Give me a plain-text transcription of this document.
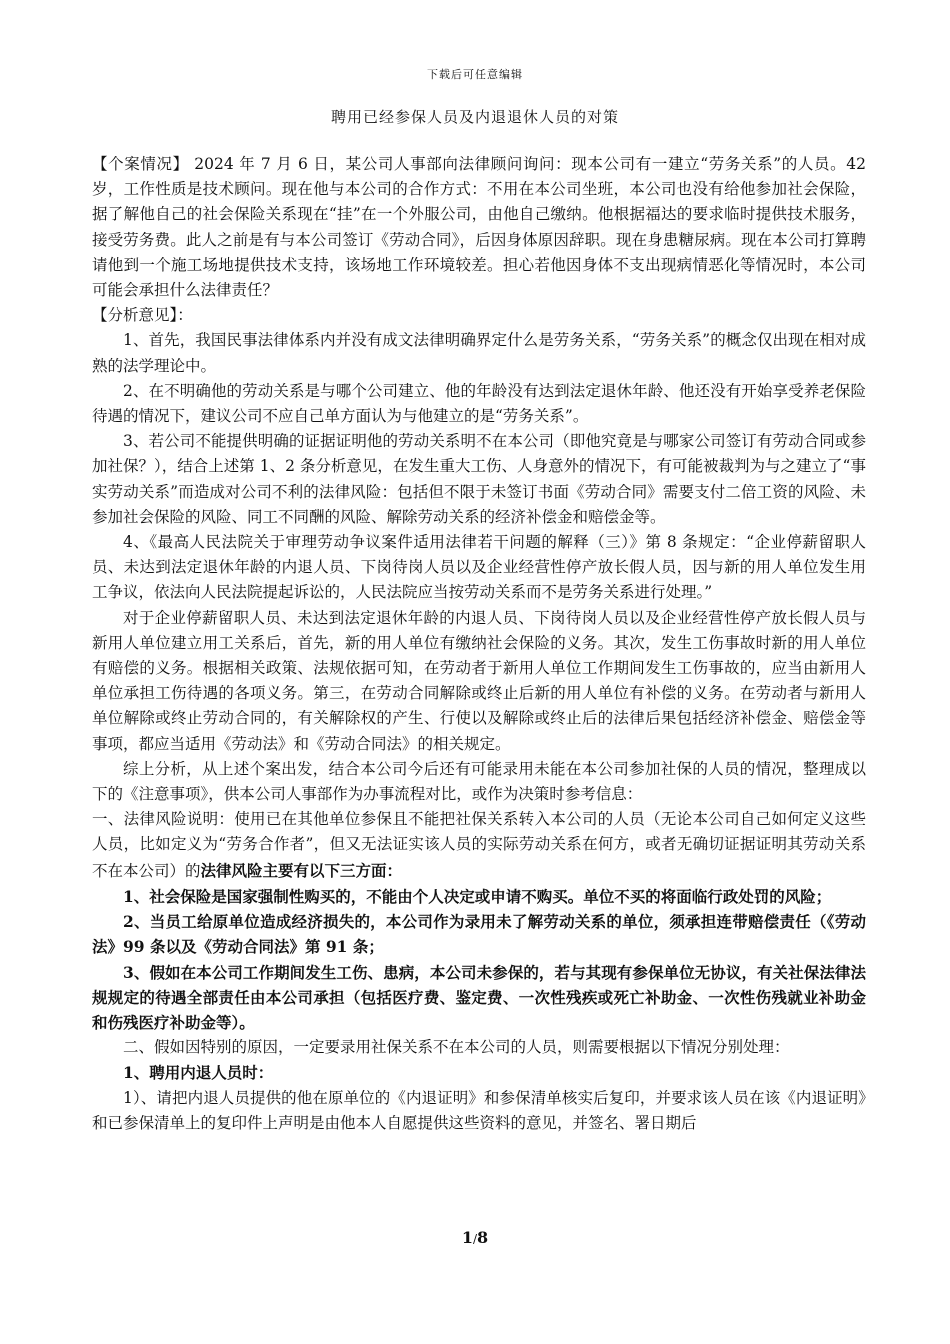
下载后可任意编辑
聘用已经参保人员及内退退休人员的对策

【个案情况】 2024 年 7 月 6 日，某公司人事部向法律顾问询问：现本公司有一建立“劳务关系”的人员。42 岁，工作性质是技术顾问。现在他与本公司的合作方式：不用在本公司坐班，本公司也没有给他参加社会保险，据了解他自己的社会保险关系现在“挂”在一个外服公司，由他自己缴纳。他根据福达的要求临时提供技术服务，接受劳务费。此人之前是有与本公司签订《劳动合同》，后因身体原因辞职。现在身患糖尿病。现在本公司打算聘请他到一个施工场地提供技术支持，该场地工作环境较差。担心若他因身体不支出现病情恶化等情况时，本公司可能会承担什么法律责任？

【分析意见】：

1、首先，我国民事法律体系内并没有成文法律明确界定什么是劳务关系，“劳务关系”的概念仅出现在相对成熟的法学理论中。

2、在不明确他的劳动关系是与哪个公司建立、他的年龄没有达到法定退休年龄、他还没有开始享受养老保险待遇的情况下，建议公司不应自己单方面认为与他建立的是“劳务关系”。

3、若公司不能提供明确的证据证明他的劳动关系明不在本公司（即他究竟是与哪家公司签订有劳动合同或参加社保？），结合上述第 1、2 条分析意见，在发生重大工伤、人身意外的情况下，有可能被裁判为与之建立了“事实劳动关系”而造成对公司不利的法律风险：包括但不限于未签订书面《劳动合同》需要支付二倍工资的风险、未参加社会保险的风险、同工不同酬的风险、解除劳动关系的经济补偿金和赔偿金等。

4、《最高人民法院关于审理劳动争议案件适用法律若干问题的解释（三）》第 8 条规定：“企业停薪留职人员、未达到法定退休年龄的内退人员、下岗待岗人员以及企业经营性停产放长假人员，因与新的用人单位发生用工争议，依法向人民法院提起诉讼的，人民法院应当按劳动关系而不是劳务关系进行处理。”

对于企业停薪留职人员、未达到法定退休年龄的内退人员、下岗待岗人员以及企业经营性停产放长假人员与新用人单位建立用工关系后，首先，新的用人单位有缴纳社会保险的义务。其次，发生工伤事故时新的用人单位有赔偿的义务。根据相关政策、法规依据可知，在劳动者于新用人单位工作期间发生工伤事故的，应当由新用人单位承担工伤待遇的各项义务。第三，在劳动合同解除或终止后新的用人单位有补偿的义务。在劳动者与新用人单位解除或终止劳动合同的，有关解除权的产生、行使以及解除或终止后的法律后果包括经济补偿金、赔偿金等事项，都应当适用《劳动法》和《劳动合同法》的相关规定。

综上分析，从上述个案出发，结合本公司今后还有可能录用未能在本公司参加社保的人员的情况，整理成以下的《注意事项》，供本公司人事部作为办事流程对比，或作为决策时参考信息：

一、法律风险说明：使用已在其他单位参保且不能把社保关系转入本公司的人员（无论本公司自己如何定义这些人员，比如定义为“劳务合作者”，但又无法证实该人员的实际劳动关系在何方，或者无确切证据证明其劳动关系不在本公司）的法律风险主要有以下三方面：

1、社会保险是国家强制性购买的，不能由个人决定或申请不购买。单位不买的将面临行政处罚的风险；

2、当员工给原单位造成经济损失的，本公司作为录用未了解劳动关系的单位，须承担连带赔偿责任（《劳动法》99 条以及《劳动合同法》第 91 条；

3、假如在本公司工作期间发生工伤、患病，本公司未参保的，若与其现有参保单位无协议，有关社保法律法规规定的待遇全部责任由本公司承担（包括医疗费、鉴定费、一次性残疾或死亡补助金、一次性伤残就业补助金和伤残医疗补助金等）。

二、假如因特别的原因，一定要录用社保关系不在本公司的人员，则需要根据以下情况分别处理：

1、聘用内退人员时：

1）、请把内退人员提供的他在原单位的《内退证明》和参保清单核实后复印，并要求该人员在该《内退证明》和已参保清单上的复印件上声明是由他本人自愿提供这些资料的意见，并签名、署日期后

1/8
